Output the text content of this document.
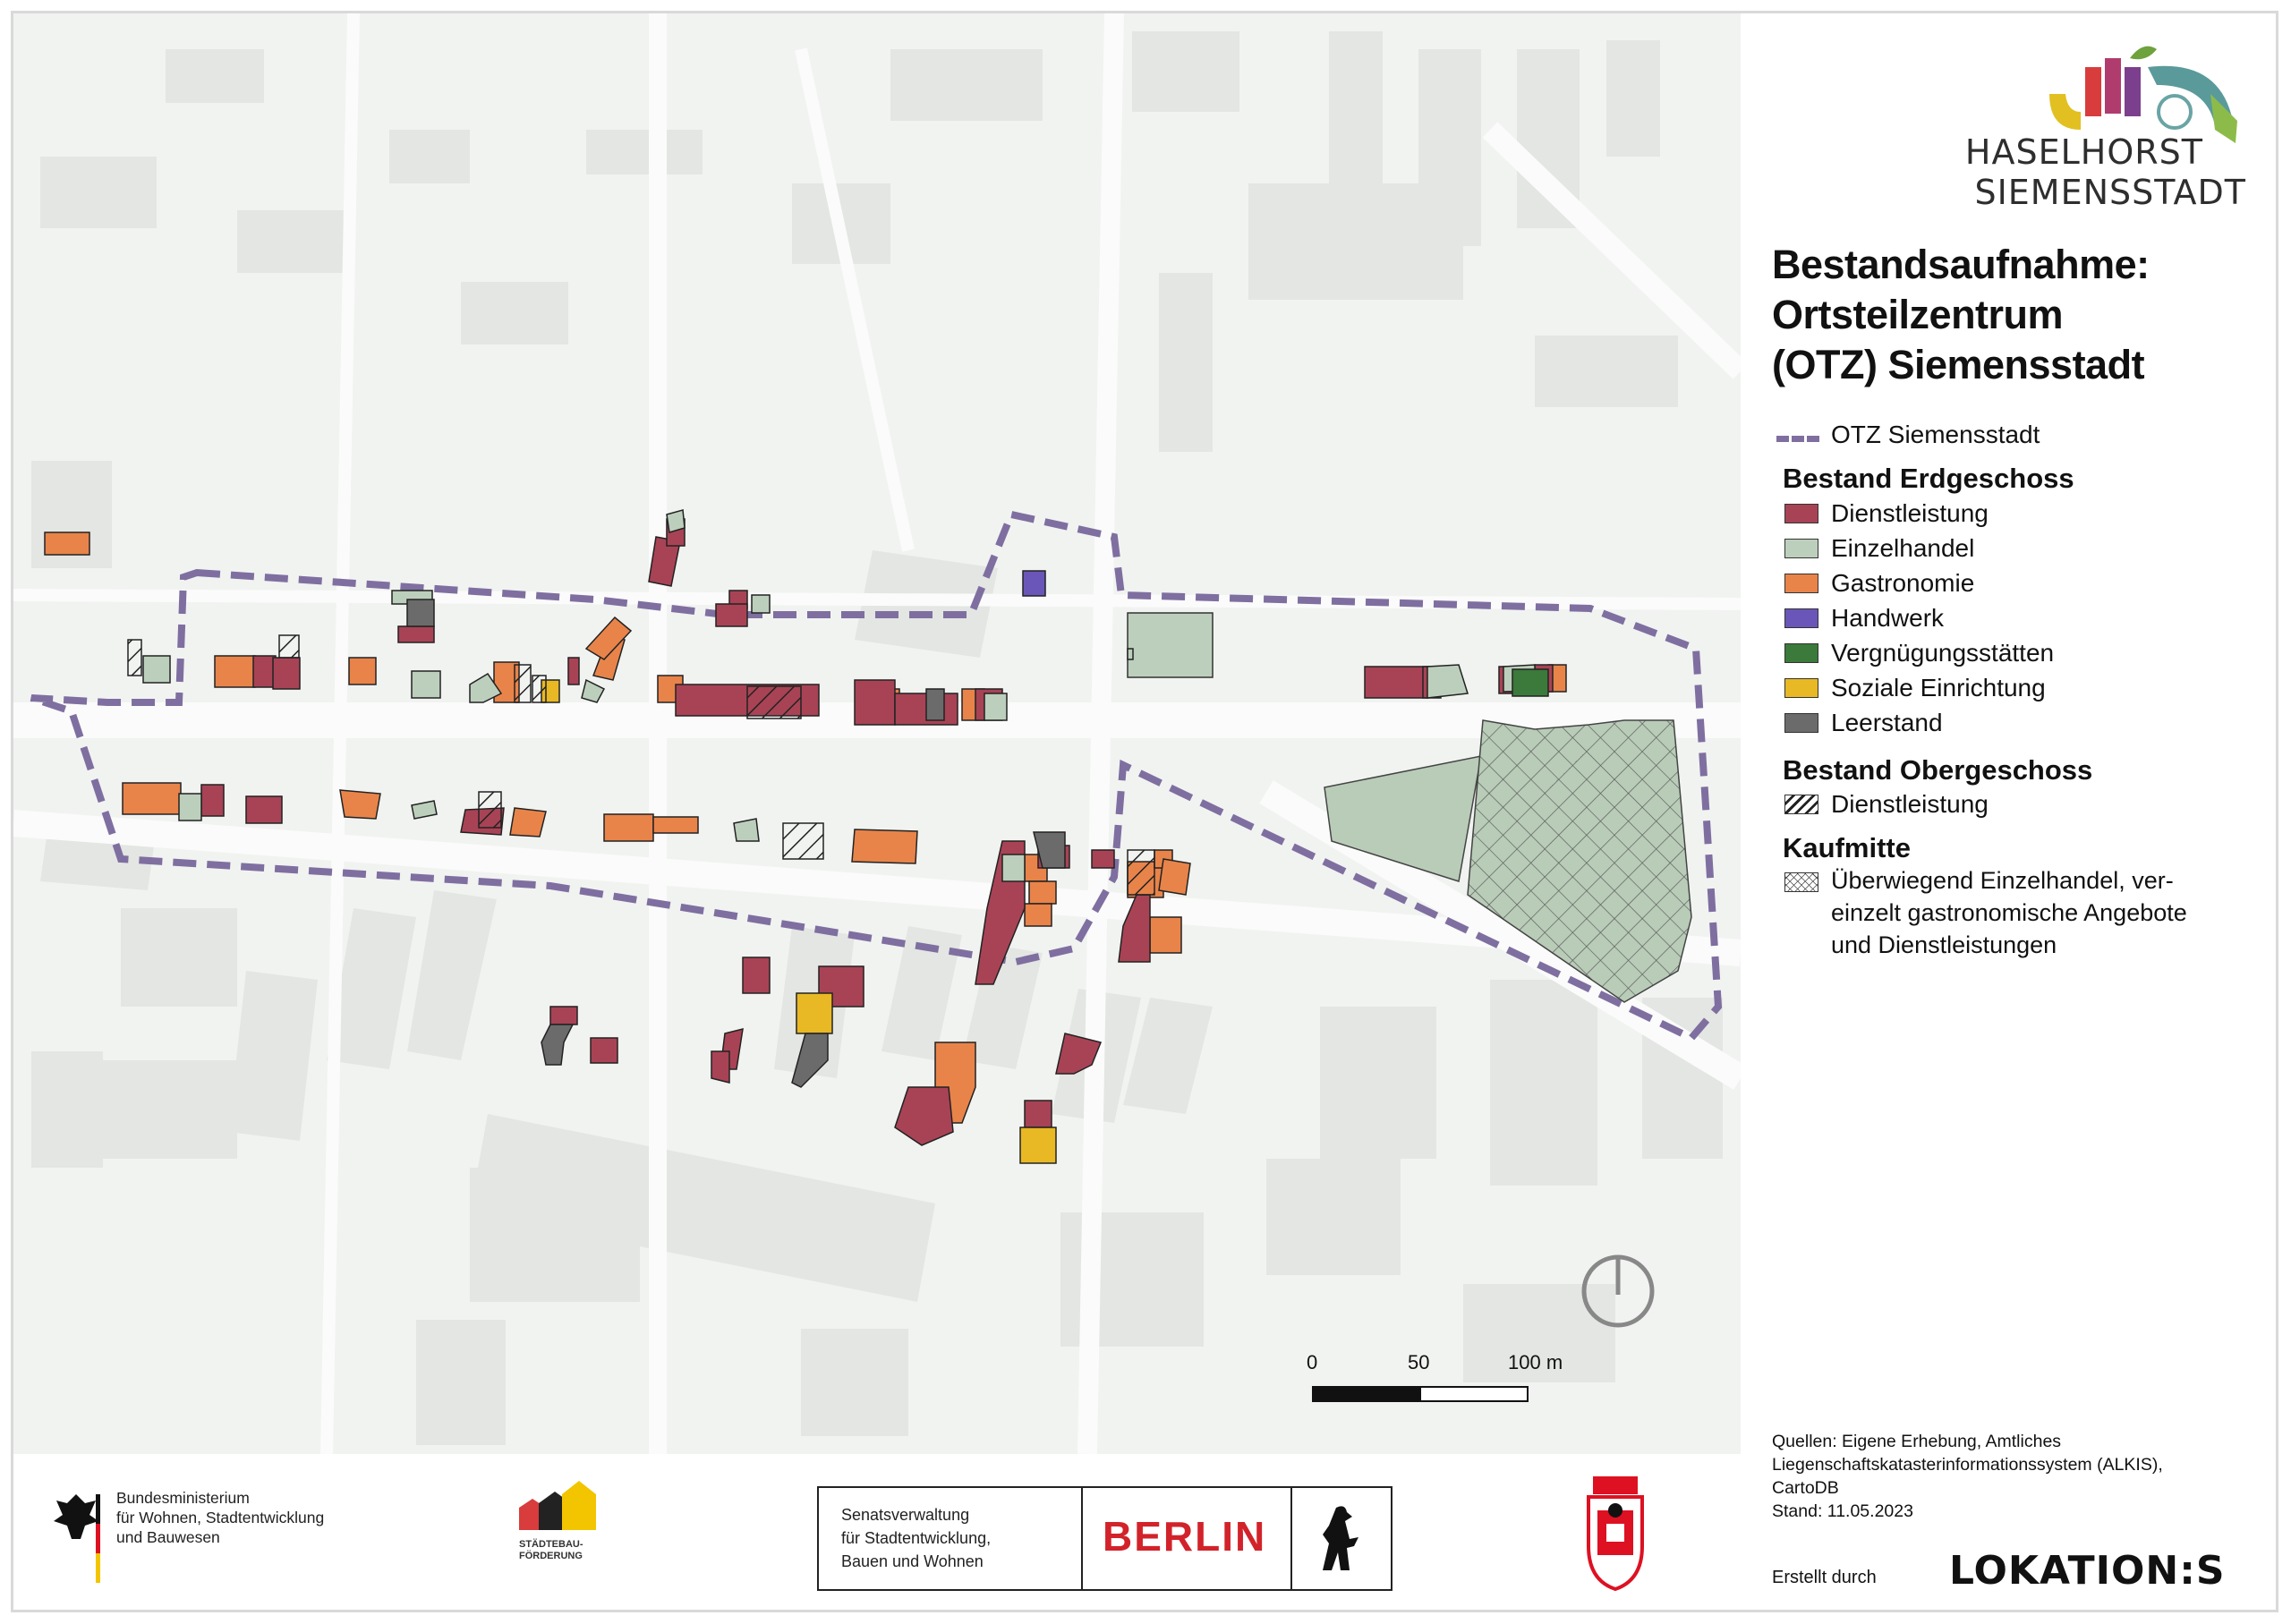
0	50	100 m
HASELHORST
SIEMENSSTADT
Bestandsaufnahme:
Ortsteilzentrum
(OTZ) Siemensstadt
OTZ Siemensstadt
Bestand Erdgeschoss
Dienstleistung
Einzelhandel
Gastronomie
Handwerk
Vergnügungsstätten
Soziale Einrichtung
Leerstand
Bestand Obergeschoss
Dienstleistung
Kaufmitte
Überwiegend Einzelhandel, ver-
einzelt gastronomische Angebote
und Dienstleistungen
Quellen: Eigene Erhebung, Amtliches
Liegenschaftskatasterinformationssystem (ALKIS),
CartoDB
Stand: 11.05.2023
Bundesministerium
für Wohnen, Stadtentwicklung
und Bauwesen	STÄDTEBAU-
FÖRDERUNG
Senatsverwaltung
für Stadtentwicklung,
Bauen und Wohnen
BERLIN
Erstellt durch LOKATION:S
